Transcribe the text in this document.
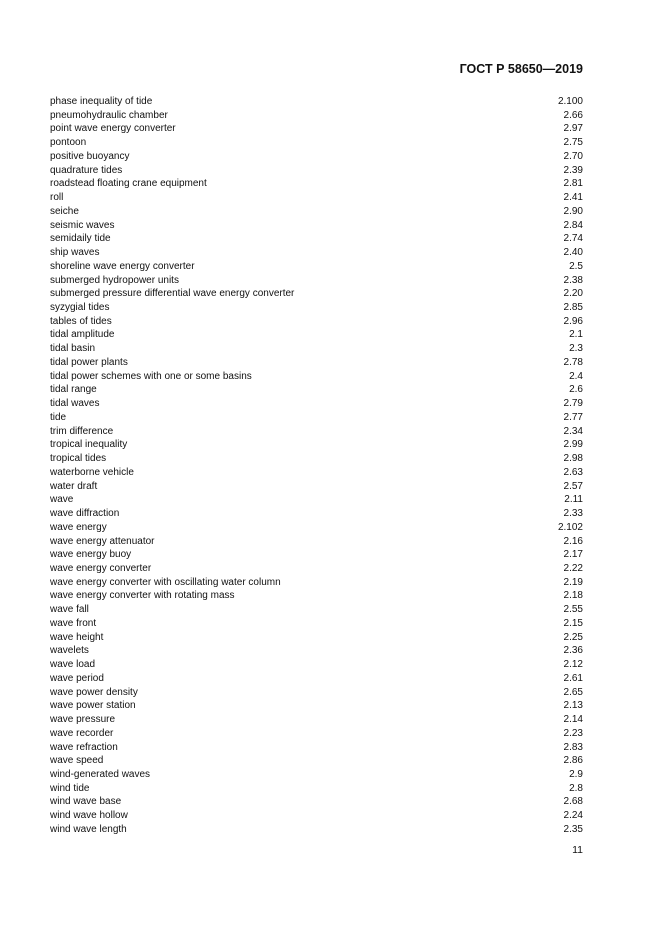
ГОСТ Р 58650—2019
phase inequality of tide	2.100
pneumohydraulic chamber	2.66
point wave energy converter	2.97
pontoon	2.75
positive buoyancy	2.70
quadrature tides	2.39
roadstead floating crane equipment	2.81
roll	2.41
seiche	2.90
seismic waves	2.84
semidaily tide	2.74
ship waves	2.40
shoreline wave energy converter	2.5
submerged hydropower units	2.38
submerged pressure differential wave energy converter	2.20
syzygial tides	2.85
tables of tides	2.96
tidal amplitude	2.1
tidal basin	2.3
tidal power plants	2.78
tidal power schemes with one or some basins	2.4
tidal range	2.6
tidal waves	2.79
tide	2.77
trim difference	2.34
tropical inequality	2.99
tropical tides	2.98
waterborne vehicle	2.63
water draft	2.57
wave	2.11
wave diffraction	2.33
wave energy	2.102
wave energy attenuator	2.16
wave energy buoy	2.17
wave energy converter	2.22
wave energy converter with oscillating water column	2.19
wave energy converter with rotating mass	2.18
wave fall	2.55
wave front	2.15
wave height	2.25
wavelets	2.36
wave load	2.12
wave period	2.61
wave power density	2.65
wave power station	2.13
wave pressure	2.14
wave recorder	2.23
wave refraction	2.83
wave speed	2.86
wind-generated waves	2.9
wind tide	2.8
wind wave base	2.68
wind wave hollow	2.24
wind wave length	2.35
11
